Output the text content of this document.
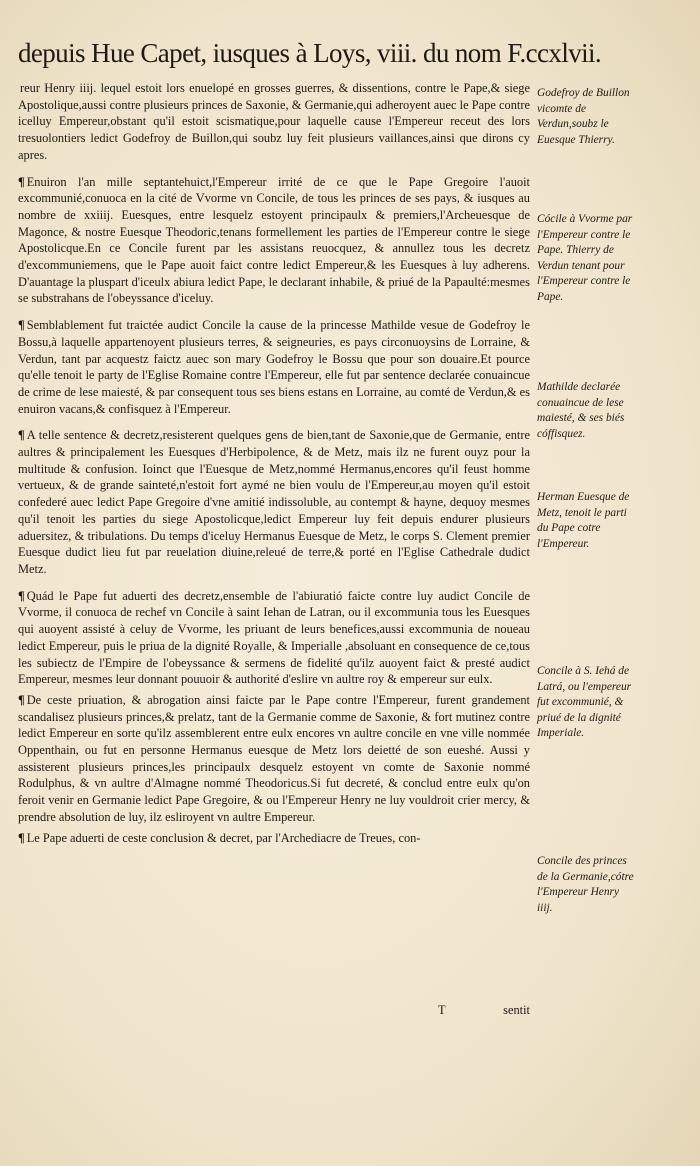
depuis Hue Capet, iusques à Loys, viii. du nom F.ccxlvii.

reur Henry iiij. lequel estoit lors enuelopé en grosses guerres, & dissentions, contre le Pape,& siege Apostolique,aussi contre plusieurs princes de Saxonie, & Germanie,qui adheroyent auec le Pape contre icelluy Empereur,obstant qu'il estoit scismatique,pour laquelle cause l'Empereur receut des lors tresuolontiers ledict Godefroy de Buillon,qui soubz luy feit plusieurs vaillances,ainsi que dirons cy apres.

¶ Enuiron l'an mille septantehuict,l'Empereur irrité de ce que le Pape Gregoire l'auoit excommunié,conuoca en la cité de Vvorme vn Concile, de tous les princes de ses pays, & iusques au nombre de xxiiij. Euesques, entre lesquelz estoyent principaulx & premiers,l'Archeuesque de Magonce, & nostre Euesque Theodoric,tenans formellement les parties de l'Empereur contre le siege Apostolicque.En ce Concile furent par les assistans reuocquez, & annullez tous les decretz d'excommuniemens, que le Pape auoit faict contre ledict Empereur,& les Euesques à luy adherens. D'auantage la pluspart d'iceulx abiura ledict Pape, le declarant inhabile, & priué de la Papaulté:mesmes se substrahans de l'obeyssance d'iceluy.

¶ Semblablement fut traictée audict Concile la cause de la princesse Mathilde vesue de Godefroy le Bossu,à laquelle appartenoyent plusieurs terres, & seigneuries, es pays circonuoysins de Lorraine, & Verdun, tant par acquestz faictz auec son mary Godefroy le Bossu que pour son douaire.Et pource qu'elle tenoit le party de l'Eglise Romaine contre l'Empereur, elle fut par sentence declarée conuaincue de crime de lese maiesté, & par consequent tous ses biens estans en Lorraine, au comté de Verdun,& es enuiron vacans,& confisquez à l'Empereur.

¶ A telle sentence & decretz,resisterent quelques gens de bien,tant de Saxonie,que de Germanie, entre aultres & principalement les Euesques d'Herbipolence, & de Metz, mais ilz ne furent ouyz pour la multitude & confusion. Ioinct que l'Euesque de Metz,nommé Hermanus,encores qu'il feust homme vertueux, & de grande sainteté,n'estoit fort aymé ne bien voulu de l'Empereur,au moyen qu'il estoit confederé auec ledict Pape Gregoire d'vne amitié indissoluble, au contempt & hayne, dequoy mesmes qu'il tenoit les parties du siege Apostolicque,ledict Empereur luy feit depuis endurer plusieurs aduersitez, & tribulations. Du temps d'iceluy Hermanus Euesque de Metz, le corps S. Clement premier Euesque dudict lieu fut par reuelation diuine,releué de terre,& porté en l'Eglise Cathedrale dudict Metz.

¶ Quád le Pape fut aduerti des decretz,ensemble de l'abiuratió faicte contre luy audict Concile de Vvorme, il conuoca de rechef vn Concile à saint Iehan de Latran, ou il excommunia tous les Euesques qui auoyent assisté à celuy de Vvorme, les priuant de leurs benefices,aussi excommunia de noueau ledict Empereur, puis le priua de la dignité Royalle, & Imperialle ,absoluant en consequence de ce,tous les subiectz de l'Empire de l'obeyssance & sermens de fidelité qu'ilz auoyent faict & presté audict Empereur, mesmes leur donnant pouuoir & authorité d'eslire vn aultre roy & empereur sur eulx.

¶ De ceste priuation, & abrogation ainsi faicte par le Pape contre l'Empereur, furent grandement scandalisez plusieurs princes,& prelatz, tant de la Germanie comme de Saxonie, & fort mutinez contre ledict Empereur en sorte qu'ilz assemblerent entre eulx encores vn aultre concile en vne ville nommée Oppenthain, ou fut en personne Hermanus euesque de Metz lors deietté de son eueshé. Aussi y assisterent plusieurs princes,les principaulx desquelz estoyent vn comte de Saxonie nommé Rodulphus, & vn aultre d'Almagne nommé Theodoricus.Si fut decreté, & conclud entre eulx qu'on feroit venir en Germanie ledict Pape Gregoire, & ou l'Empereur Henry ne luy vouldroit crier mercy, & prendre absolution de luy, ilz esliroyent vn aultre Empereur.

¶ Le Pape aduerti de ceste conclusion & decret, par l'Archediacre de Treues, con-

Godefroy de Buillon vicomte de Verdun,soubz le Euesque Thierry.
Cócile à Vvorme par l'Empereur contre le Pape. Thierry de Verdun tenant pour l'Empereur contre le Pape.
Mathilde declarée conuaincue de lese maiesté, & ses biés cóffisquez.
Herman Euesque de Metz, tenoit le parti du Pape cotre l'Empereur.
Concile à S. Iehá de Latrá, ou l'empereur fut excommunié, & priué de la dignité Imperiale.
Concile des princes de la Germanie,cótre l'Empereur Henry iiij.
T	sentit
